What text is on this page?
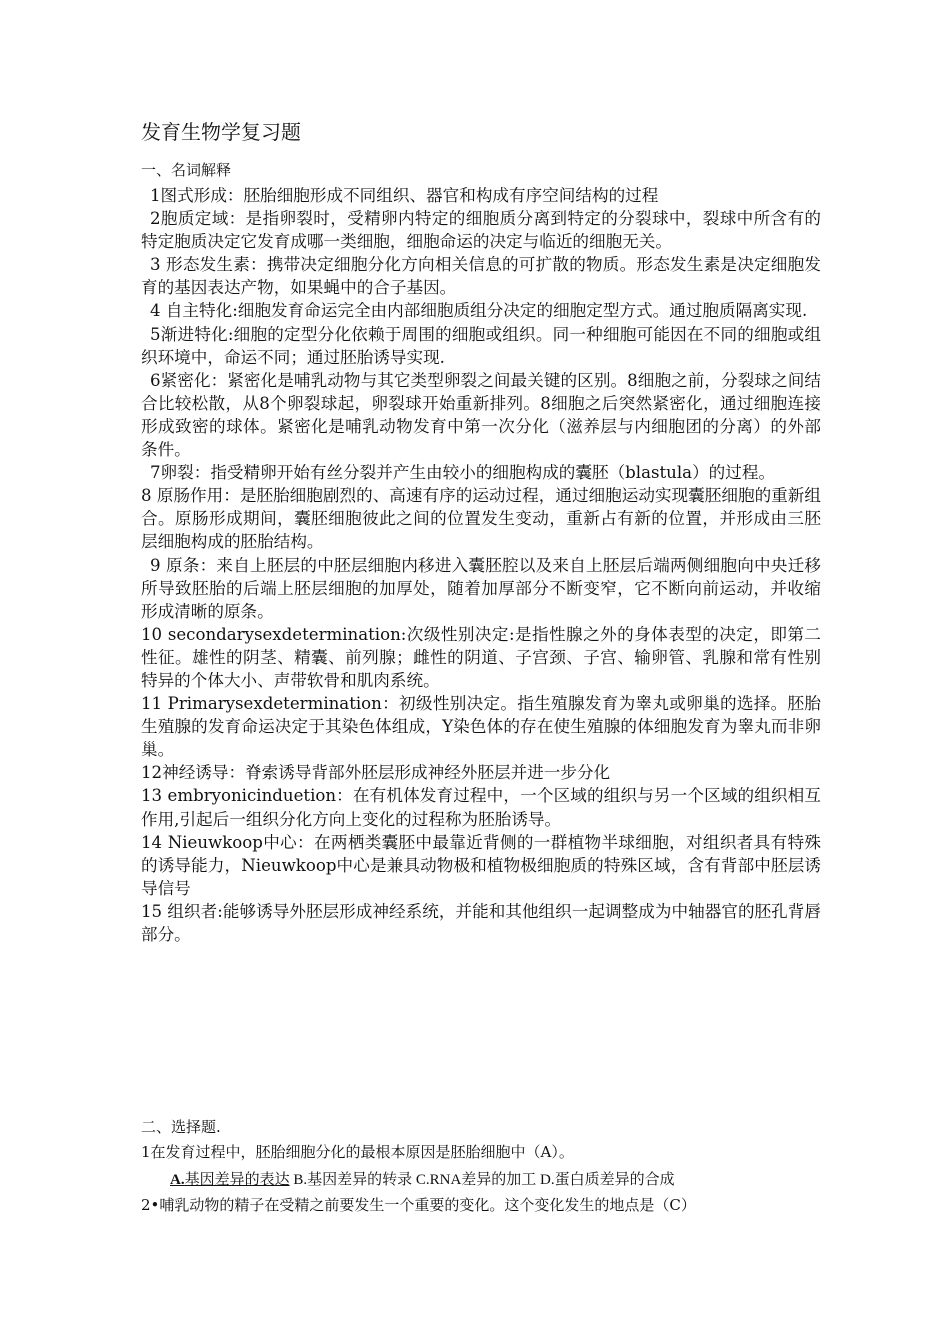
发育生物学复习题
一、名词解释

1图式形成：胚胎细胞形成不同组织、器官和构成有序空间结构的过程

2胞质定域：是指卵裂时，受精卵内特定的细胞质分离到特定的分裂球中，裂球中所含有的特定胞质决定它发育成哪一类细胞，细胞命运的决定与临近的细胞无关。

3 形态发生素：携带决定细胞分化方向相关信息的可扩散的物质。形态发生素是决定细胞发育的基因表达产物，如果蝇中的合子基因。

4 自主特化:细胞发育命运完全由内部细胞质组分决定的细胞定型方式。通过胞质隔离实现.

5渐进特化:细胞的定型分化依赖于周围的细胞或组织。同一种细胞可能因在不同的细胞或组织环境中，命运不同；通过胚胎诱导实现.

6紧密化：紧密化是哺乳动物与其它类型卵裂之间最关键的区别。8细胞之前，分裂球之间结合比较松散，从8个卵裂球起，卵裂球开始重新排列。8细胞之后突然紧密化，通过细胞连接形成致密的球体。紧密化是哺乳动物发育中第一次分化（滋养层与内细胞团的分离）的外部条件。

7卵裂：指受精卵开始有丝分裂并产生由较小的细胞构成的囊胚（blastula）的过程。

8 原肠作用：是胚胎细胞剧烈的、高速有序的运动过程，通过细胞运动实现囊胚细胞的重新组合。原肠形成期间，囊胚细胞彼此之间的位置发生变动，重新占有新的位置，并形成由三胚层细胞构成的胚胎结构。

9 原条：来自上胚层的中胚层细胞内移进入囊胚腔以及来自上胚层后端两侧细胞向中央迁移所导致胚胎的后端上胚层细胞的加厚处，随着加厚部分不断变窄，它不断向前运动，并收缩形成清晰的原条。

10 secondarysexdetermination:次级性别决定:是指性腺之外的身体表型的决定，即第二性征。雄性的阴茎、精囊、前列腺；雌性的阴道、子宫颈、子宫、输卵管、乳腺和常有性别特异的个体大小、声带软骨和肌肉系统。

11 Primarysexdetermination：初级性别决定。指生殖腺发育为睾丸或卵巢的选择。胚胎生殖腺的发育命运决定于其染色体组成，Y染色体的存在使生殖腺的体细胞发育为睾丸而非卵巢。

12神经诱导：脊索诱导背部外胚层形成神经外胚层并进一步分化

13 embryonicinduetion：在有机体发育过程中，一个区域的组织与另一个区域的组织相互作用,引起后一组织分化方向上变化的过程称为胚胎诱导。

14 Nieuwkoop中心：在两栖类囊胚中最靠近背侧的一群植物半球细胞，对组织者具有特殊的诱导能力，Nieuwkoop中心是兼具动物极和植物极细胞质的特殊区域，含有背部中胚层诱导信号

15 组织者:能够诱导外胚层形成神经系统，并能和其他组织一起调整成为中轴器官的胚孔背唇部分。

二、选择题.
1在发育过程中，胚胎细胞分化的最根本原因是胚胎细胞中（A）。
A.基因差异的表达 B.基因差异的转录 C.RNA差异的加工 D.蛋白质差异的合成
2•哺乳动物的精子在受精之前要发生一个重要的变化。这个变化发生的地点是（C）
